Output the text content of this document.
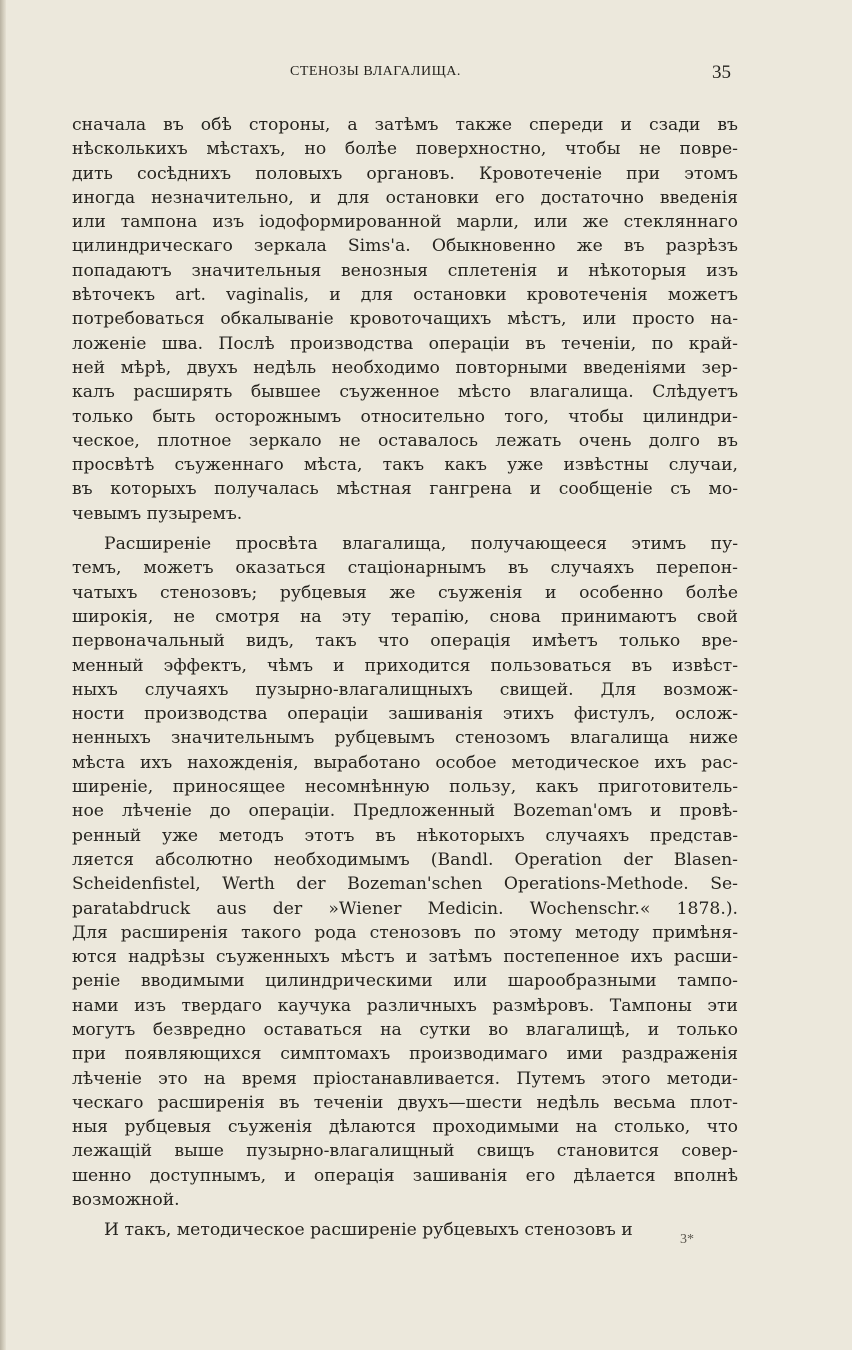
СТЕНОЗЫ ВЛАГАЛИЩА.	35
сначала въ обѣ стороны, а затѣмъ также спереди и сзади въ
нѣсколькихъ мѣстахъ, но болѣе поверхностно, чтобы не повре-
дить сосѣднихъ половыхъ органовъ. Кровотеченіе при этомъ
иногда незначительно, и для остановки его достаточно введенія
или тампона изъ іодоформированной марли, или же стекляннаго
цилиндрическаго зеркала Sims'а. Обыкновенно же въ разрѣзъ
попадаютъ значительныя венозныя сплетенія и нѣкоторыя изъ
вѣточекъ art. vaginalis, и для остановки кровотеченія можетъ
потребоваться обкалываніе кровоточащихъ мѣстъ, или просто на-
ложеніе шва. Послѣ производства операціи въ теченіи, по край-
ней мѣрѣ, двухъ недѣль необходимо повторными введеніями зер-
калъ расширять бывшее съуженное мѣсто влагалища. Слѣдуетъ
только быть осторожнымъ относительно того, чтобы цилиндри-
ческое, плотное зеркало не оставалось лежать очень долго въ
просвѣтѣ съуженнаго мѣста, такъ какъ уже извѣстны случаи,
въ которыхъ получалась мѣстная гангрена и сообщеніе съ мо-
чевымъ пузыремъ.
Расширеніе просвѣта влагалища, получающееся этимъ пу-
темъ, можетъ оказаться стаціонарнымъ въ случаяхъ перепон-
чатыхъ стенозовъ; рубцевыя же съуженія и особенно болѣе
широкія, не смотря на эту терапію, снова принимаютъ свой
первоначальный видъ, такъ что операція имѣетъ только вре-
менный эффектъ, чѣмъ и приходится пользоваться въ извѣст-
ныхъ случаяхъ пузырно-влагалищныхъ свищей. Для возмож-
ности производства операціи зашиванія этихъ фистулъ, ослож-
ненныхъ значительнымъ рубцевымъ стенозомъ влагалища ниже
мѣста ихъ нахожденія, выработано особое методическое ихъ рас-
ширеніе, приносящее несомнѣнную пользу, какъ приготовитель-
ное лѣченіе до операціи. Предложенный Bozeman'омъ и провѣ-
ренный уже методъ этотъ въ нѣкоторыхъ случаяхъ представ-
ляется абсолютно необходимымъ (Bandl. Operation der Blasen-
Scheidenfistel, Werth der Bozeman'schen Operations-Methode. Se-
paratabdruck aus der »Wiener Medicin. Wochenschr.« 1878.).
Для расширенія такого рода стенозовъ по этому методу примѣня-
ются надрѣзы съуженныхъ мѣстъ и затѣмъ постепенное ихъ расши-
реніе вводимыми цилиндрическими или шарообразными тампо-
нами изъ твердаго каучука различныхъ размѣровъ. Тампоны эти
могутъ безвредно оставаться на сутки во влагалищѣ, и только
при появляющихся симптомахъ производимаго ими раздраженія
лѣченіе это на время пріостанавливается. Путемъ этого методи-
ческаго расширенія въ теченіи двухъ—шести недѣль весьма плот-
ныя рубцевыя съуженія дѣлаются проходимыми на столько, что
лежащій выше пузырно-влагалищный свищъ становится совер-
шенно доступнымъ, и операція зашиванія его дѣлается вполнѣ
возможной.
И такъ, методическое расширеніе рубцевыхъ стенозовъ и	3*
